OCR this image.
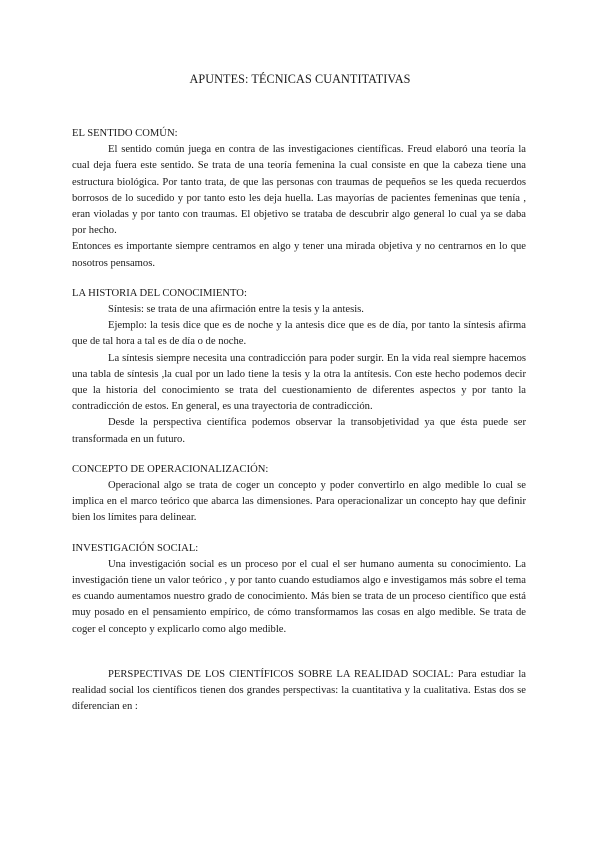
APUNTES: TÉCNICAS CUANTITATIVAS
EL SENTIDO COMÚN:

El sentido común juega en contra de las investigaciones científicas. Freud elaboró una teoría la cual deja fuera este sentido. Se trata de una teoría femenina la cual consiste en que la cabeza tiene una estructura biológica. Por tanto trata, de que las personas con traumas de pequeños se les queda recuerdos borrosos de lo sucedido y por tanto esto les deja huella. Las mayorías de pacientes femeninas que tenía , eran violadas y por tanto con traumas. El objetivo se trataba de descubrir algo general lo cual ya se daba por hecho.

Entonces es importante siempre centramos en algo y tener una mirada objetiva y no centrarnos en lo que nosotros pensamos.

LA HISTORIA DEL CONOCIMIENTO:

Síntesis: se trata de una afirmación entre la tesis y la antesis.

Ejemplo: la tesis dice que es de noche y la antesis dice que es de día, por tanto la síntesis afirma que de tal hora a tal es de día o de noche.

La síntesis siempre necesita una contradicción para poder surgir. En la vida real siempre hacemos una tabla de síntesis ,la cual por un lado tiene la tesis y la otra la antítesis. Con este hecho podemos decir que la historia del conocimiento se trata del cuestionamiento de diferentes aspectos y por tanto la contradicción de estos. En general, es una trayectoria de contradicción.

Desde la perspectiva científica podemos observar la transobjetividad ya que ésta puede ser transformada en un futuro.

CONCEPTO DE OPERACIONALIZACIÓN:

Operacional algo se trata de coger un concepto y poder convertirlo en algo medible lo cual se implica en el marco teórico que abarca las dimensiones. Para operacionalizar un concepto hay que definir bien los límites para delinear.

INVESTIGACIÓN SOCIAL:

Una investigación social es un proceso por el cual el ser humano aumenta su conocimiento. La investigación tiene un valor teórico , y por tanto cuando estudiamos algo e investigamos más sobre el tema es cuando aumentamos nuestro grado de conocimiento. Más bien se trata de un proceso científico que está muy posado en el pensamiento empírico, de cómo transformamos las cosas en algo medible. Se trata de coger el concepto y explicarlo como algo medible.

PERSPECTIVAS DE LOS CIENTÍFICOS SOBRE LA REALIDAD SOCIAL: Para estudiar la realidad social los científicos tienen dos grandes perspectivas: la cuantitativa y la cualitativa. Estas dos se diferencian en :
